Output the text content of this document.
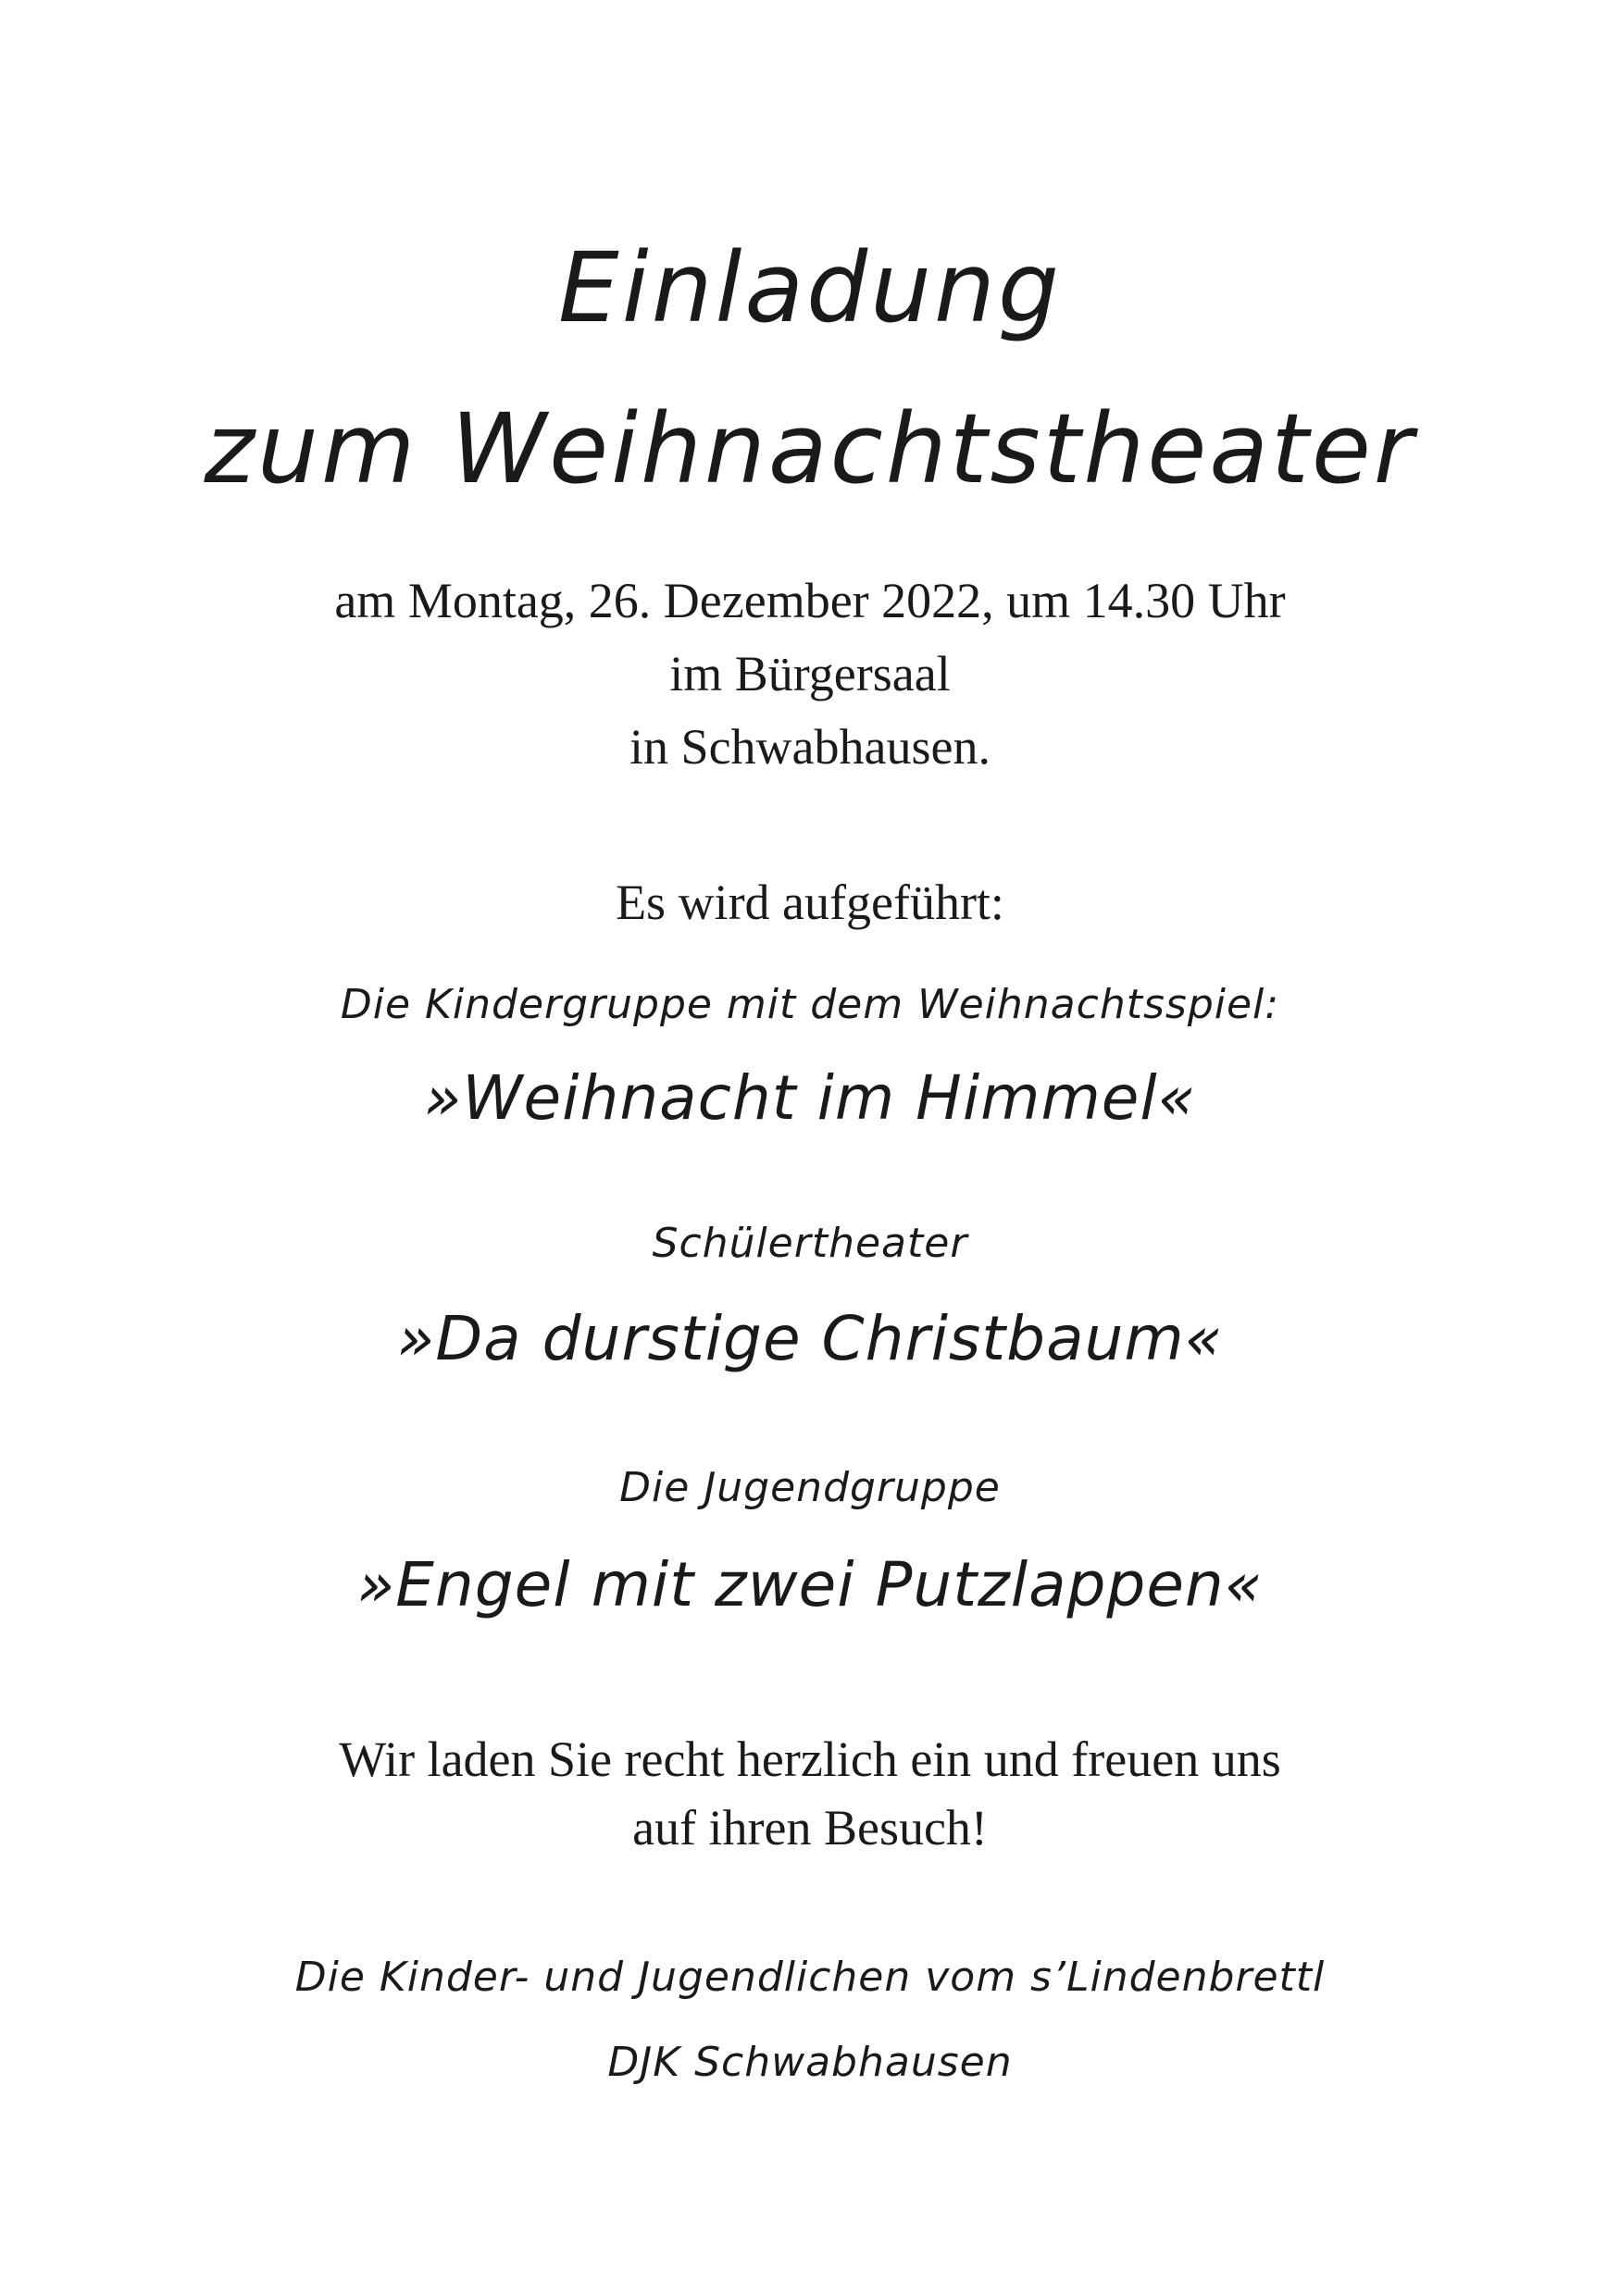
Einladung
zum Weihnachtstheater

am Montag, 26. Dezember 2022, um 14.30 Uhr

im Bürgersaal

in Schwabhausen.

Es wird aufgeführt:

Die Kindergruppe mit dem Weihnachtsspiel:

»Weihnacht im Himmel«

Schülertheater

»Da durstige Christbaum«

Die Jugendgruppe

»Engel mit zwei Putzlappen«

Wir laden Sie recht herzlich ein und freuen uns

auf ihren Besuch!

Die Kinder- und Jugendlichen vom s’Lindenbrettl

DJK Schwabhausen
